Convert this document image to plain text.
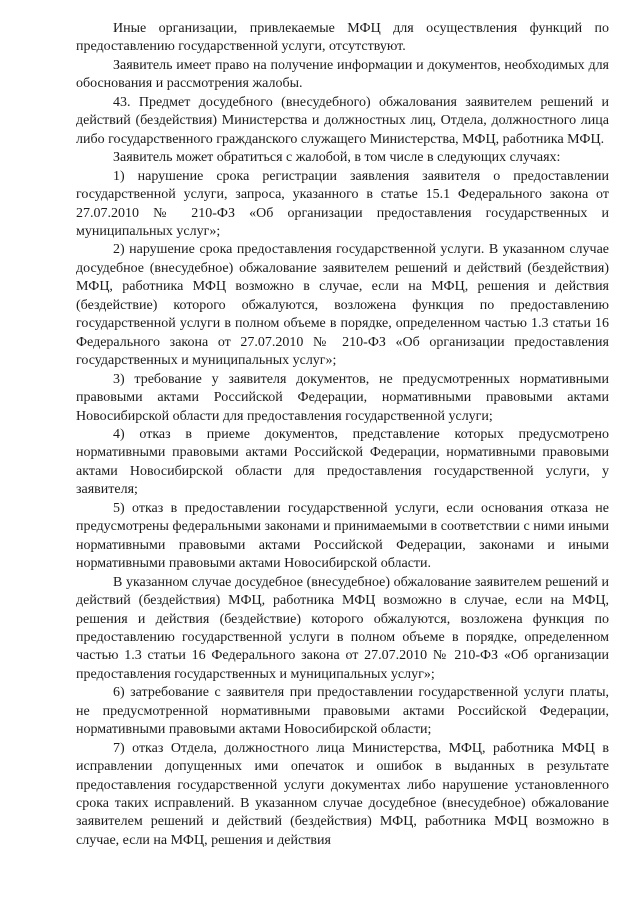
Иные организации, привлекаемые МФЦ для осуществления функций по предоставлению государственной услуги, отсутствуют.

Заявитель имеет право на получение информации и документов, необходимых для обоснования и рассмотрения жалобы.

43. Предмет досудебного (внесудебного) обжалования заявителем решений и действий (бездействия) Министерства и должностных лиц, Отдела, должностного лица либо государственного гражданского служащего Министерства, МФЦ, работника МФЦ.

Заявитель может обратиться с жалобой, в том числе в следующих случаях:

1) нарушение срока регистрации заявления заявителя о предоставлении государственной услуги, запроса, указанного в статье 15.1 Федерального закона от 27.07.2010 № 210-ФЗ «Об организации предоставления государственных и муниципальных услуг»;

2) нарушение срока предоставления государственной услуги. В указанном случае досудебное (внесудебное) обжалование заявителем решений и действий (бездействия) МФЦ, работника МФЦ возможно в случае, если на МФЦ, решения и действия (бездействие) которого обжалуются, возложена функция по предоставлению государственной услуги в полном объеме в порядке, определенном частью 1.3 статьи 16 Федерального закона от 27.07.2010 № 210-ФЗ «Об организации предоставления государственных и муниципальных услуг»;

3) требование у заявителя документов, не предусмотренных нормативными правовыми актами Российской Федерации, нормативными правовыми актами Новосибирской области для предоставления государственной услуги;

4) отказ в приеме документов, представление которых предусмотрено нормативными правовыми актами Российской Федерации, нормативными правовыми актами Новосибирской области для предоставления государственной услуги, у заявителя;

5) отказ в предоставлении государственной услуги, если основания отказа не предусмотрены федеральными законами и принимаемыми в соответствии с ними иными нормативными правовыми актами Российской Федерации, законами и иными нормативными правовыми актами Новосибирской области.

В указанном случае досудебное (внесудебное) обжалование заявителем решений и действий (бездействия) МФЦ, работника МФЦ возможно в случае, если на МФЦ, решения и действия (бездействие) которого обжалуются, возложена функция по предоставлению государственной услуги в полном объеме в порядке, определенном частью 1.3 статьи 16 Федерального закона от 27.07.2010 № 210-ФЗ «Об организации предоставления государственных и муниципальных услуг»;

6) затребование с заявителя при предоставлении государственной услуги платы, не предусмотренной нормативными правовыми актами Российской Федерации, нормативными правовыми актами Новосибирской области;

7) отказ Отдела, должностного лица Министерства, МФЦ, работника МФЦ в исправлении допущенных ими опечаток и ошибок в выданных в результате предоставления государственной услуги документах либо нарушение установленного срока таких исправлений. В указанном случае досудебное (внесудебное) обжалование заявителем решений и действий (бездействия) МФЦ, работника МФЦ возможно в случае, если на МФЦ, решения и действия
